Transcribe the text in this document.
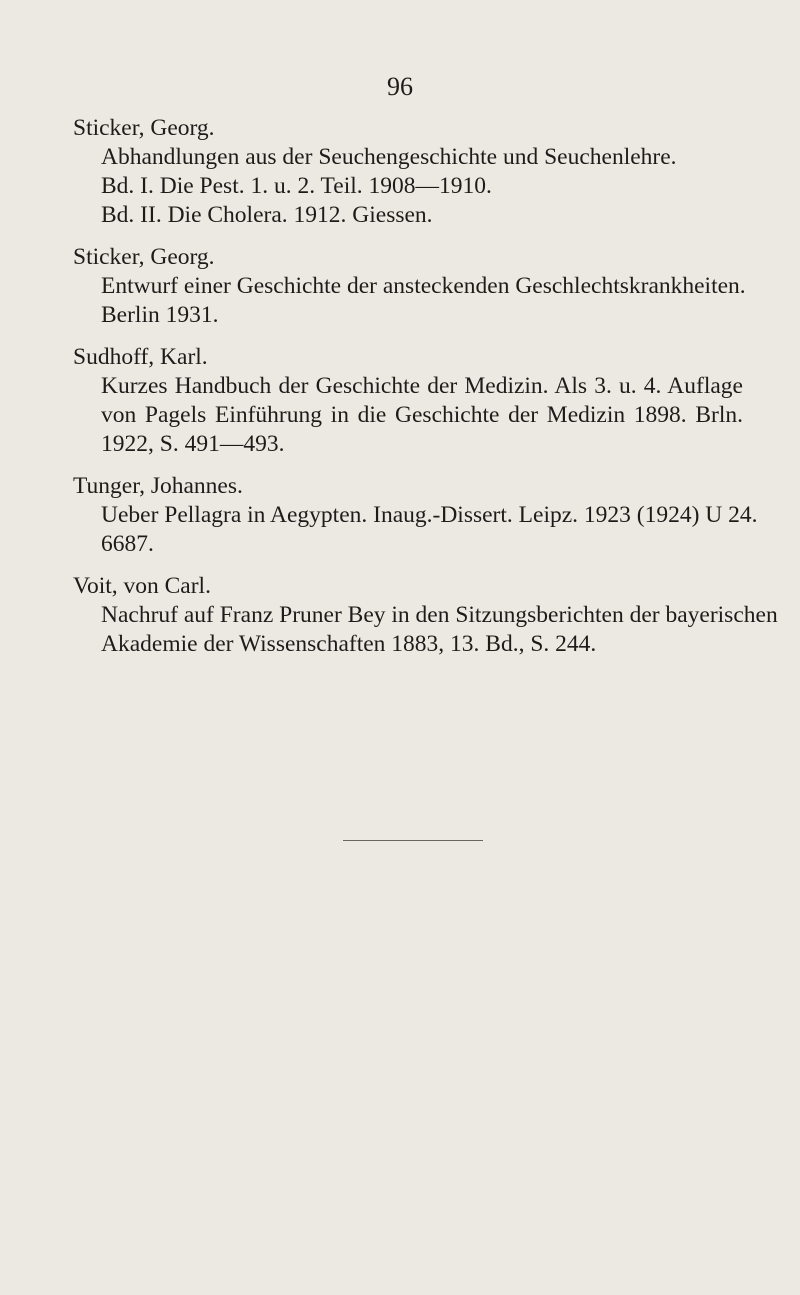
96
Sticker, Georg.
Abhandlungen aus der Seuchengeschichte und Seuchenlehre.
Bd. I. Die Pest. 1. u. 2. Teil. 1908—1910.
Bd. II. Die Cholera. 1912. Giessen.
Sticker, Georg.
Entwurf einer Geschichte der ansteckenden Geschlechtskrankheiten.
Berlin 1931.
Sudhoff, Karl.
Kurzes Handbuch der Geschichte der Medizin. Als 3. u. 4. Auflage
von Pagels Einführung in die Geschichte der Medizin 1898. Brln.
1922, S. 491—493.
Tunger, Johannes.
Ueber Pellagra in Aegypten. Inaug.-Dissert. Leipz. 1923 (1924) U 24.
6687.
Voit, von Carl.
Nachruf auf Franz Pruner Bey in den Sitzungsberichten der bayerischen
Akademie der Wissenschaften 1883, 13. Bd., S. 244.
